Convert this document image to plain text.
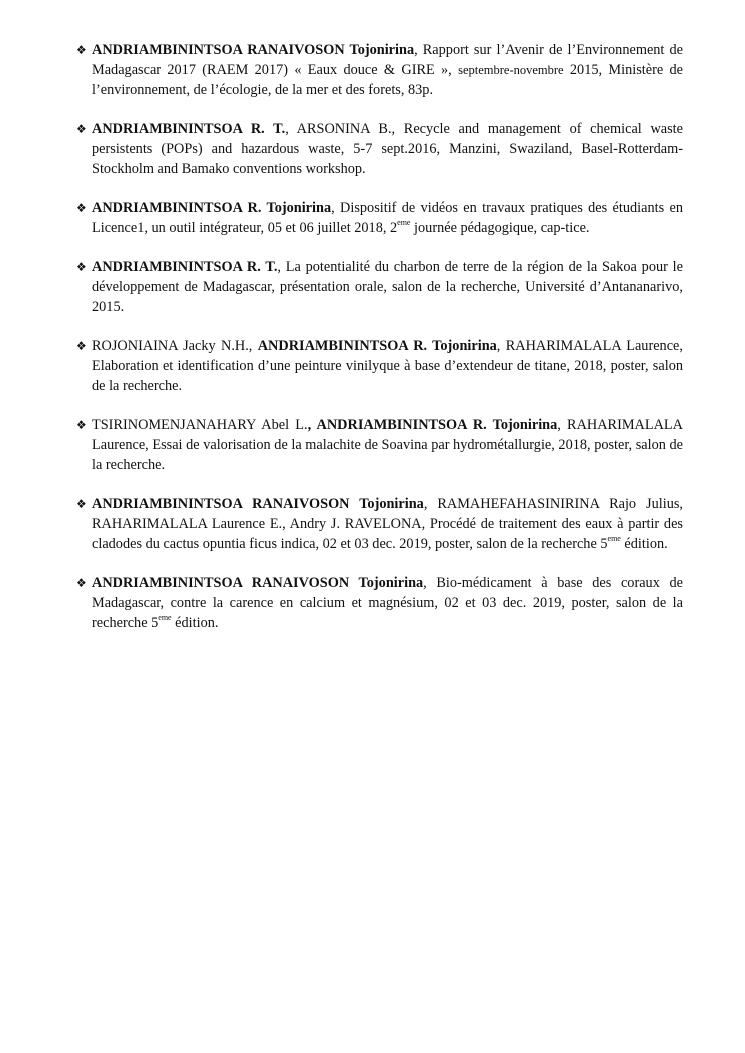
❖ ANDRIAMBININTSOA RANAIVOSON Tojonirina, Rapport sur l’Avenir de l’Environnement de Madagascar 2017 (RAEM 2017) « Eaux douce & GIRE », septembre-novembre 2015, Ministère de l’environnement, de l’écologie, de la mer et des forets, 83p.

❖ ANDRIAMBININTSOA R. T., ARSONINA B., Recycle and management of chemical waste persistents (POPs) and hazardous waste, 5-7 sept.2016, Manzini, Swaziland, Basel-Rotterdam-Stockholm and Bamako conventions workshop.

❖ ANDRIAMBININTSOA R. Tojonirina, Dispositif de vidéos en travaux pratiques des étudiants en Licence1, un outil intégrateur, 05 et 06 juillet 2018, 2eme journée pédagogique, cap-tice.

❖ ANDRIAMBININTSOA R. T., La potentialité du charbon de terre de la région de la Sakoa pour le développement de Madagascar, présentation orale, salon de la recherche, Université d’Antananarivo, 2015.

❖ ROJONIAINA Jacky N.H., ANDRIAMBININTSOA R. Tojonirina, RAHARIMALALA Laurence, Elaboration et identification d’une peinture vinilyque à base d’extendeur de titane, 2018, poster, salon de la recherche.

❖ TSIRINOMENJANAHARY Abel L., ANDRIAMBININTSOA R. Tojonirina, RAHARIMALALA Laurence, Essai de valorisation de la malachite de Soavina par hydrométallurgie, 2018, poster, salon de la recherche.

❖ ANDRIAMBININTSOA RANAIVOSON Tojonirina, RAMAHEFAHASINIRINA Rajo Julius, RAHARIMALALA Laurence E., Andry J. RAVELONA, Procédé de traitement des eaux à partir des cladodes du cactus opuntia ficus indica, 02 et 03 dec. 2019, poster, salon de la recherche 5eme édition.

❖ ANDRIAMBININTSOA RANAIVOSON Tojonirina, Bio-médicament à base des coraux de Madagascar, contre la carence en calcium et magnésium, 02 et 03 dec. 2019, poster, salon de la recherche 5eme édition.
